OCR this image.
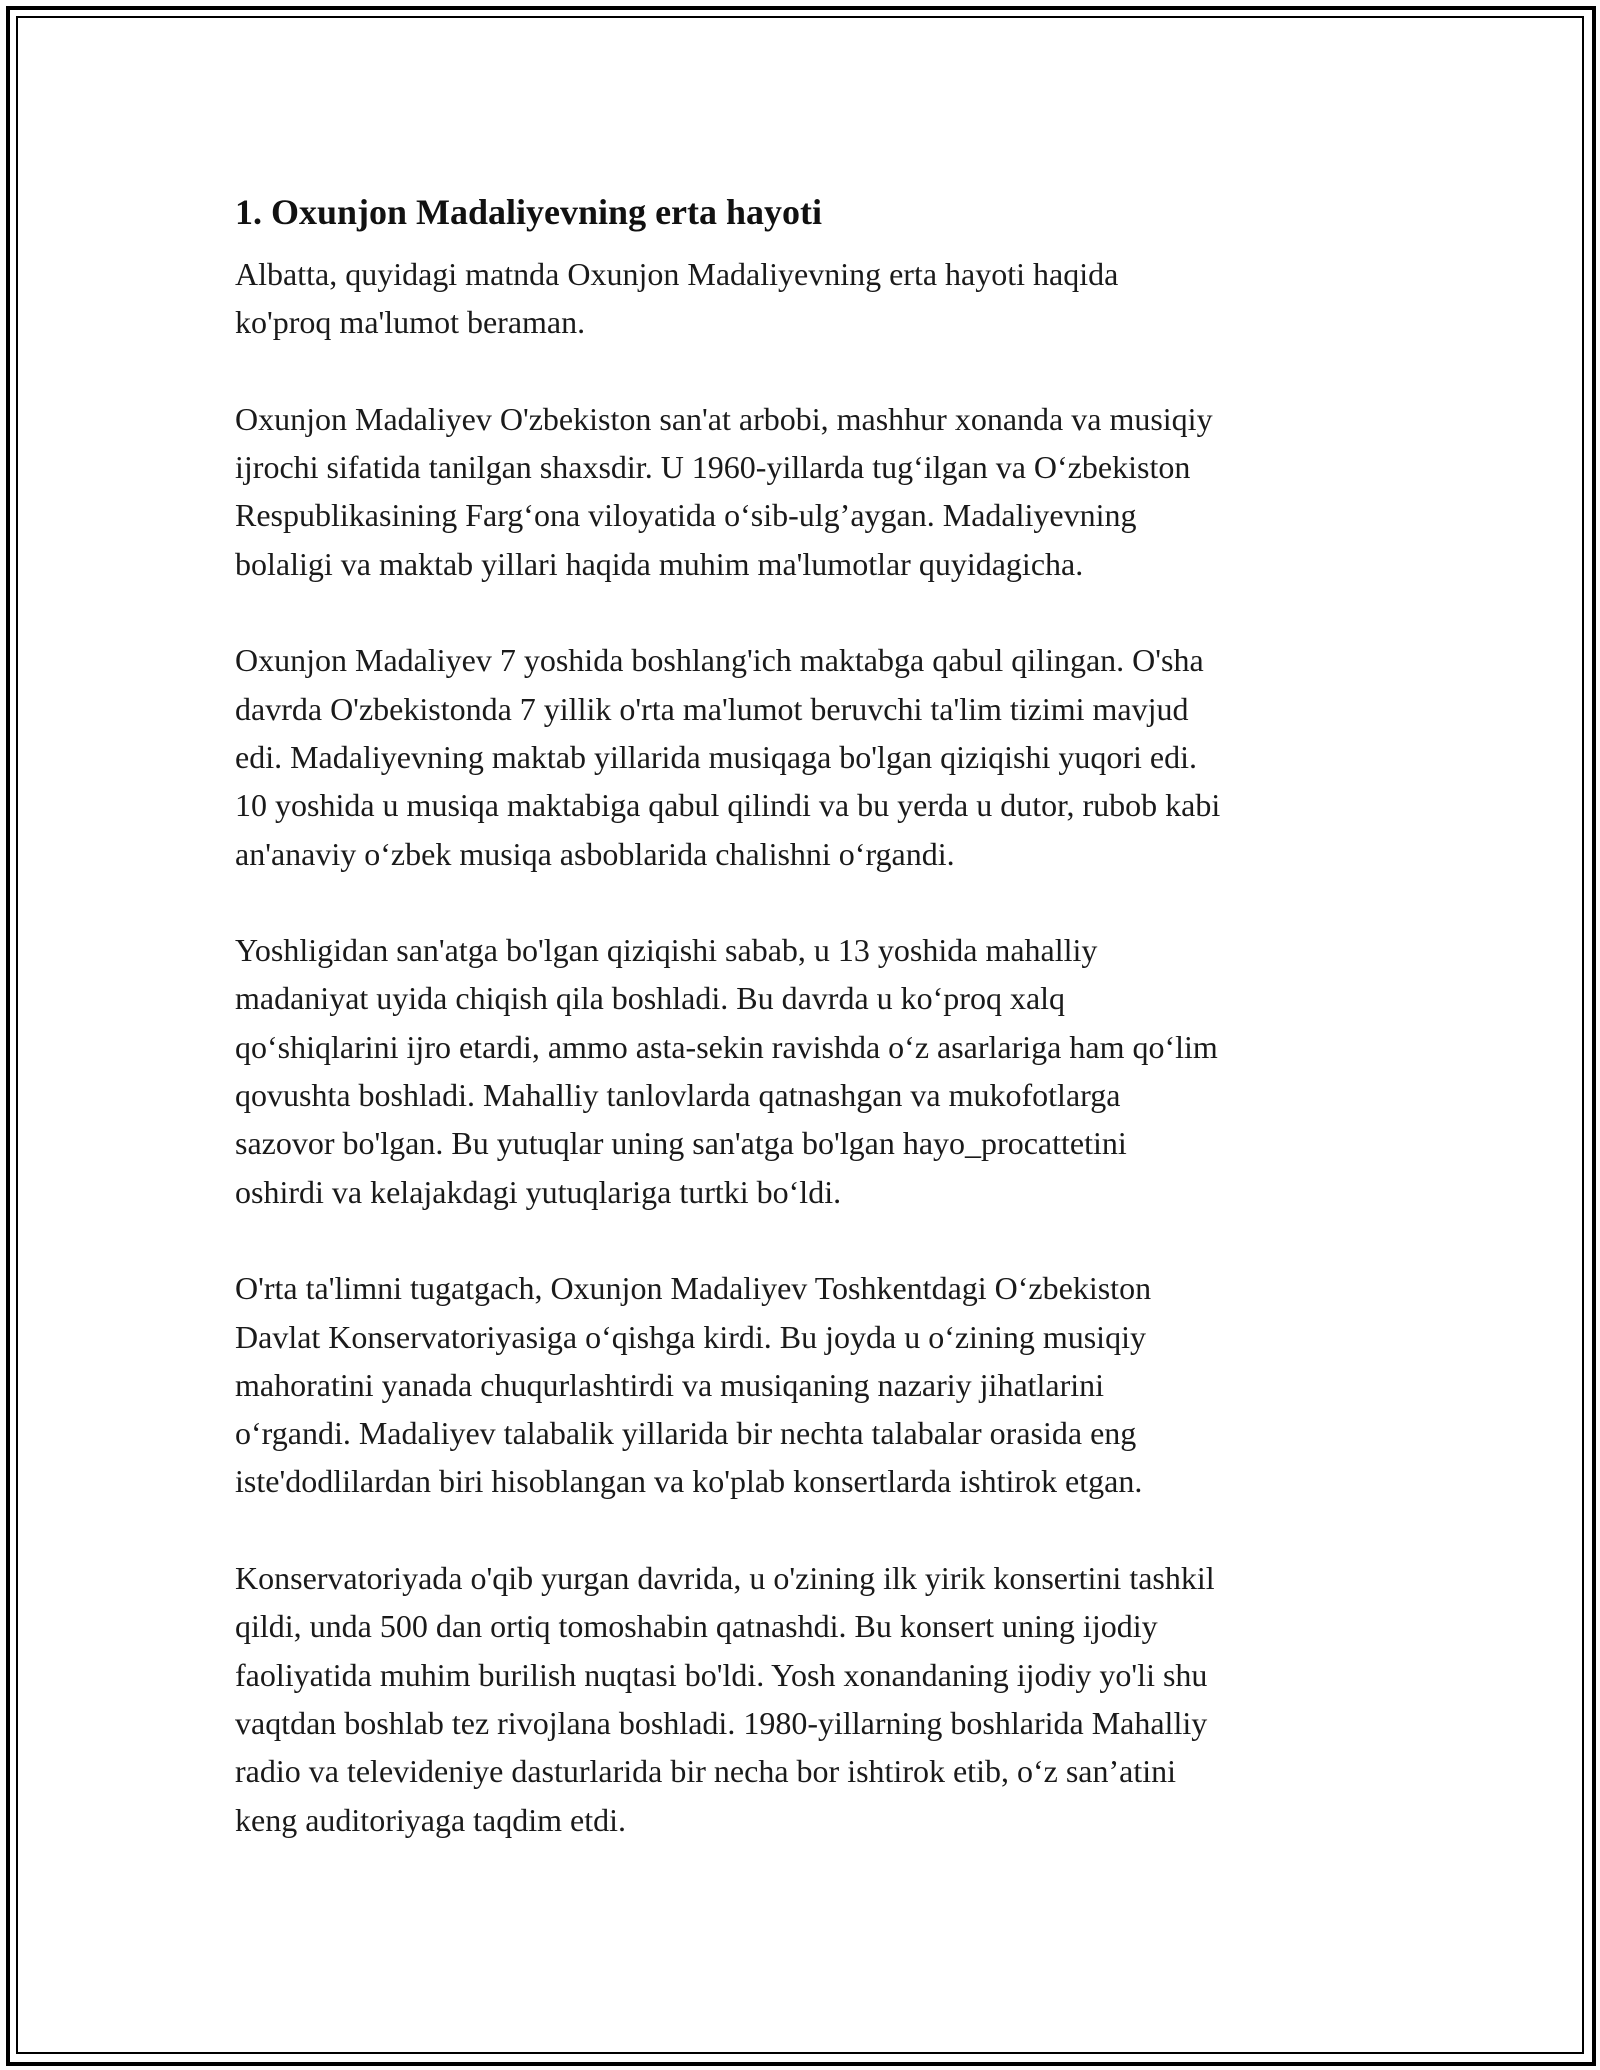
1. Oxunjon Madaliyevning erta hayoti

Albatta, quyidagi matnda Oxunjon Madaliyevning erta hayoti haqida
ko'proq ma'lumot beraman.

Oxunjon Madaliyev O'zbekiston san'at arbobi, mashhur xonanda va musiqiy
ijrochi sifatida tanilgan shaxsdir. U 1960-yillarda tug‘ilgan va O‘zbekiston
Respublikasining Farg‘ona viloyatida o‘sib-ulg’aygan. Madaliyevning
bolaligi va maktab yillari haqida muhim ma'lumotlar quyidagicha.

Oxunjon Madaliyev 7 yoshida boshlang'ich maktabga qabul qilingan. O'sha
davrda O'zbekistonda 7 yillik o'rta ma'lumot beruvchi ta'lim tizimi mavjud
edi. Madaliyevning maktab yillarida musiqaga bo'lgan qiziqishi yuqori edi.
10 yoshida u musiqa maktabiga qabul qilindi va bu yerda u dutor, rubob kabi
an'anaviy o‘zbek musiqa asboblarida chalishni o‘rgandi.

Yoshligidan san'atga bo'lgan qiziqishi sabab, u 13 yoshida mahalliy
madaniyat uyida chiqish qila boshladi. Bu davrda u ko‘proq xalq
qo‘shiqlarini ijro etardi, ammo asta-sekin ravishda o‘z asarlariga ham qo‘lim
qovushta boshladi. Mahalliy tanlovlarda qatnashgan va mukofotlarga
sazovor bo'lgan. Bu yutuqlar uning san'atga bo'lgan hayo_procattetini
oshirdi va kelajakdagi yutuqlariga turtki bo‘ldi.

O'rta ta'limni tugatgach, Oxunjon Madaliyev Toshkentdagi O‘zbekiston
Davlat Konservatoriyasiga o‘qishga kirdi. Bu joyda u o‘zining musiqiy
mahoratini yanada chuqurlashtirdi va musiqaning nazariy jihatlarini
o‘rgandi. Madaliyev talabalik yillarida bir nechta talabalar orasida eng
iste'dodlilardan biri hisoblangan va ko'plab konsertlarda ishtirok etgan.

Konservatoriyada o'qib yurgan davrida, u o'zining ilk yirik konsertini tashkil
qildi, unda 500 dan ortiq tomoshabin qatnashdi. Bu konsert uning ijodiy
faoliyatida muhim burilish nuqtasi bo'ldi. Yosh xonandaning ijodiy yo'li shu
vaqtdan boshlab tez rivojlana boshladi. 1980-yillarning boshlarida Mahalliy
radio va televideniye dasturlarida bir necha bor ishtirok etib, o‘z san’atini
keng auditoriyaga taqdim etdi.
